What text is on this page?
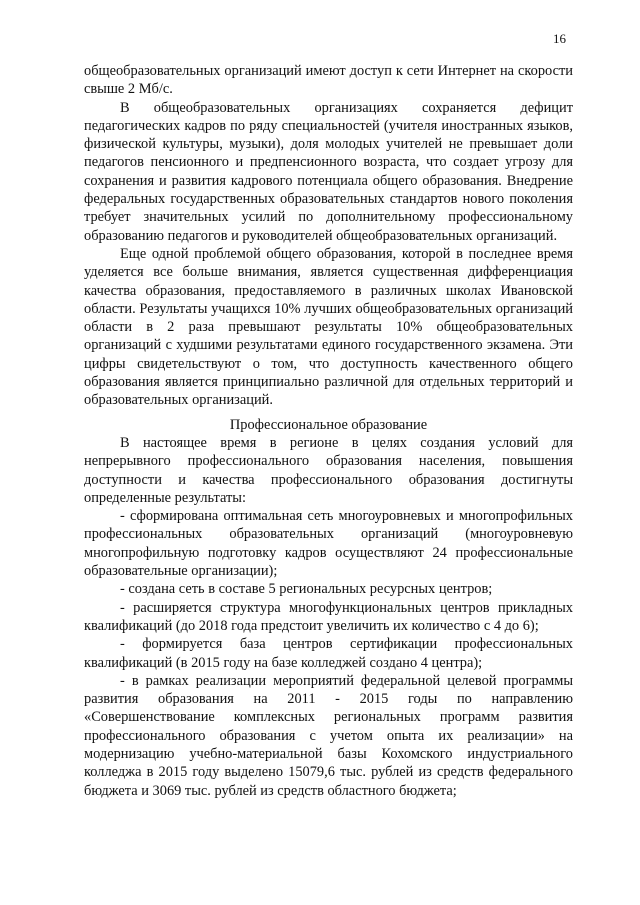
16

общеобразовательных организаций имеют доступ к сети Интернет на скорости свыше 2 Мб/с.

В общеобразовательных организациях сохраняется дефицит педагогических кадров по ряду специальностей (учителя иностранных языков, физической культуры, музыки), доля молодых учителей не превышает доли педагогов пенсионного и предпенсионного возраста, что создает угрозу для сохранения и развития кадрового потенциала общего образования. Внедрение федеральных государственных образовательных стандартов нового поколения требует значительных усилий по дополнительному профессиональному образованию педагогов и руководителей общеобразовательных организаций.

Еще одной проблемой общего образования, которой в последнее время уделяется все больше внимания, является существенная дифференциация качества образования, предоставляемого в различных школах Ивановской области. Результаты учащихся 10% лучших общеобразовательных организаций области в 2 раза превышают результаты 10% общеобразовательных организаций с худшими результатами единого государственного экзамена. Эти цифры свидетельствуют о том, что доступность качественного общего образования является принципиально различной для отдельных территорий и образовательных организаций.

Профессиональное образование

В настоящее время в регионе в целях создания условий для непрерывного профессионального образования населения, повышения доступности и качества профессионального образования достигнуты определенные результаты:

- сформирована оптимальная сеть многоуровневых и многопрофильных профессиональных образовательных организаций (многоуровневую многопрофильную подготовку кадров осуществляют 24 профессиональные образовательные организации);

- создана сеть в составе 5 региональных ресурсных центров;

- расширяется структура многофункциональных центров прикладных квалификаций (до 2018 года предстоит увеличить их количество с 4 до 6);

- формируется база центров сертификации профессиональных квалификаций (в 2015 году на базе колледжей создано 4 центра);

- в рамках реализации мероприятий федеральной целевой программы развития образования на 2011 - 2015 годы по направлению «Совершенствование комплексных региональных программ развития профессионального образования с учетом опыта их реализации» на модернизацию учебно-материальной базы Кохомского индустриального колледжа в 2015 году выделено 15079,6 тыс. рублей из средств федерального бюджета и 3069 тыс. рублей из средств областного бюджета;
